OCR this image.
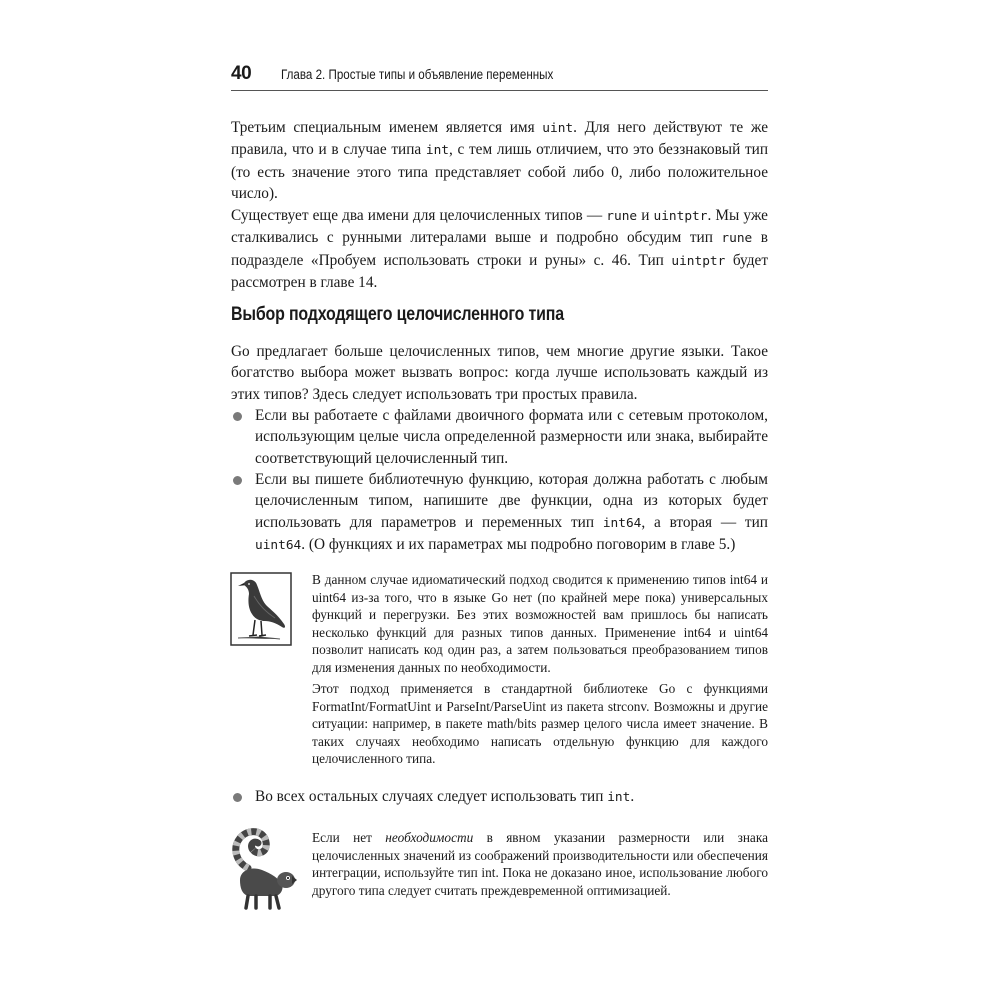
40 Глава 2. Простые типы и объявление переменных

Третьим специальным именем является имя uint. Для него действуют те же правила, что и в случае типа int, с тем лишь отличием, что это беззнаковый тип (то есть значение этого типа представляет собой либо 0, либо положительное число).

Существует еще два имени для целочисленных типов — rune и uintptr. Мы уже сталкивались с рунными литералами выше и подробно обсудим тип rune в подразделе «Пробуем использовать строки и руны» с. 46. Тип uintptr будет рассмотрен в главе 14.

Выбор подходящего целочисленного типа

Go предлагает больше целочисленных типов, чем многие другие языки. Такое богатство выбора может вызвать вопрос: когда лучше использовать каждый из этих типов? Здесь следует использовать три простых правила.

Если вы работаете с файлами двоичного формата или с сетевым протоколом, использующим целые числа определенной размерности или знака, выбирайте соответствующий целочисленный тип.

Если вы пишете библиотечную функцию, которая должна работать с любым целочисленным типом, напишите две функции, одна из которых будет использовать для параметров и переменных тип int64, а вторая — тип uint64. (О функциях и их параметрах мы подробно поговорим в главе 5.)

В данном случае идиоматический подход сводится к применению типов int64 и uint64 из-за того, что в языке Go нет (по крайней мере пока) универсальных функций и перегрузки. Без этих возможностей вам пришлось бы написать несколько функций для разных типов данных. Применение int64 и uint64 позволит написать код один раз, а затем пользоваться преобразованием типов для изменения данных по необходимости.

Этот подход применяется в стандартной библиотеке Go с функциями FormatInt/FormatUint и ParseInt/ParseUint из пакета strconv. Возможны и другие ситуации: например, в пакете math/bits размер целого числа имеет значение. В таких случаях необходимо написать отдельную функцию для каждого целочисленного типа.

Во всех остальных случаях следует использовать тип int.

Если нет необходимости в явном указании размерности или знака целочисленных значений из соображений производительности или обеспечения интеграции, используйте тип int. Пока не доказано иное, использование любого другого типа следует считать преждевременной оптимизацией.
